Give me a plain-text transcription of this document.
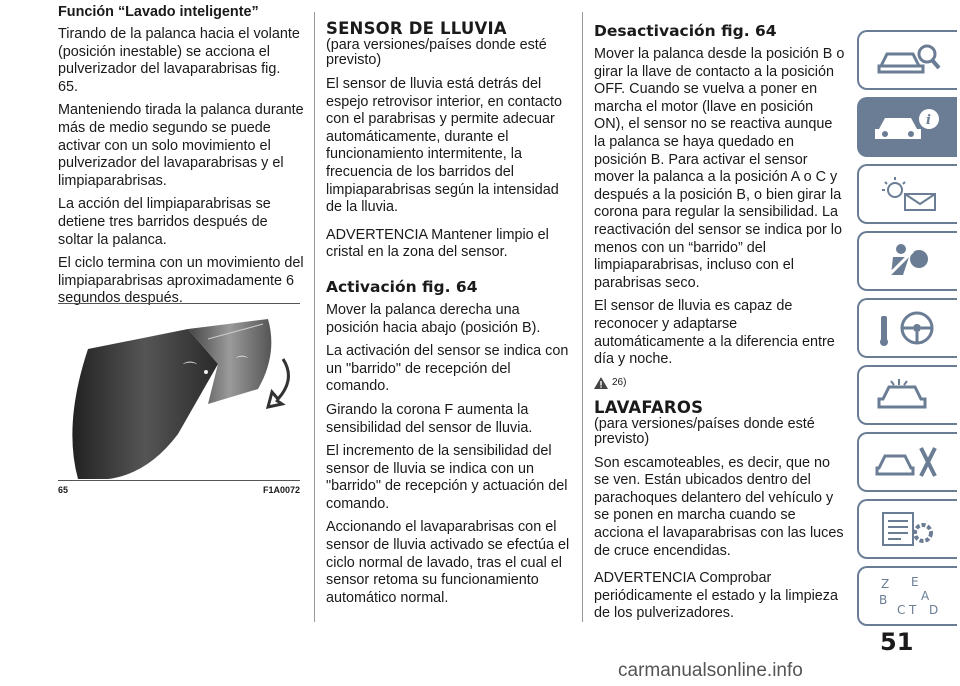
Función “Lavado inteligente”

Tirando de la palanca hacia el volante (posición inestable) se acciona el pulverizador del lavaparabrisas fig. 65.

Manteniendo tirada la palanca durante más de medio segundo se puede activar con un solo movimiento el pulverizador del lavaparabrisas y el limpiaparabrisas.

La acción del limpiaparabrisas se detiene tres barridos después de soltar la palanca.

El ciclo termina con un movimiento del limpiaparabrisas aproximadamente 6 segundos después.

⌒	⌒
65	F1A0072
SENSOR DE LLUVIA

(para versiones/países donde esté previsto)

El sensor de lluvia está detrás del espejo retrovisor interior, en contacto con el parabrisas y permite adecuar automáticamente, durante el funcionamiento intermitente, la frecuencia de los barridos del limpiaparabrisas según la intensidad de la lluvia.

ADVERTENCIA Mantener limpio el cristal en la zona del sensor.

Activación fig. 64

Mover la palanca derecha una posición hacia abajo (posición B).

La activación del sensor se indica con un "barrido" de recepción del comando.

Girando la corona F aumenta la sensibilidad del sensor de lluvia.

El incremento de la sensibilidad del sensor de lluvia se indica con un "barrido" de recepción y actuación del comando.

Accionando el lavaparabrisas con el sensor de lluvia activado se efectúa el ciclo normal de lavado, tras el cual el sensor retoma su funcionamiento automático normal.

Desactivación fig. 64

Mover la palanca desde la posición B o girar la llave de contacto a la posición OFF. Cuando se vuelva a poner en marcha el motor (llave en posición ON), el sensor no se reactiva aunque la palanca se haya quedado en posición B. Para activar el sensor mover la palanca a la posición A o C y después a la posición B, o bien girar la corona para regular la sensibilidad. La reactivación del sensor se indica por lo menos con un “barrido” del limpiaparabrisas, incluso con el parabrisas seco.

El sensor de lluvia es capaz de reconocer y adaptarse automáticamente a la diferencia entre día y noche.

26)
LAVAFAROS

(para versiones/países donde esté previsto)

Son escamoteables, es decir, que no se ven. Están ubicados dentro del parachoques delantero del vehículo y se ponen en marcha cuando se acciona el lavaparabrisas con las luces de cruce encendidas.

ADVERTENCIA Comprobar periódicamente el estado y la limpieza de los pulverizadores.

i
Z E
A
B
C T D
51
carmanualsonline.info
